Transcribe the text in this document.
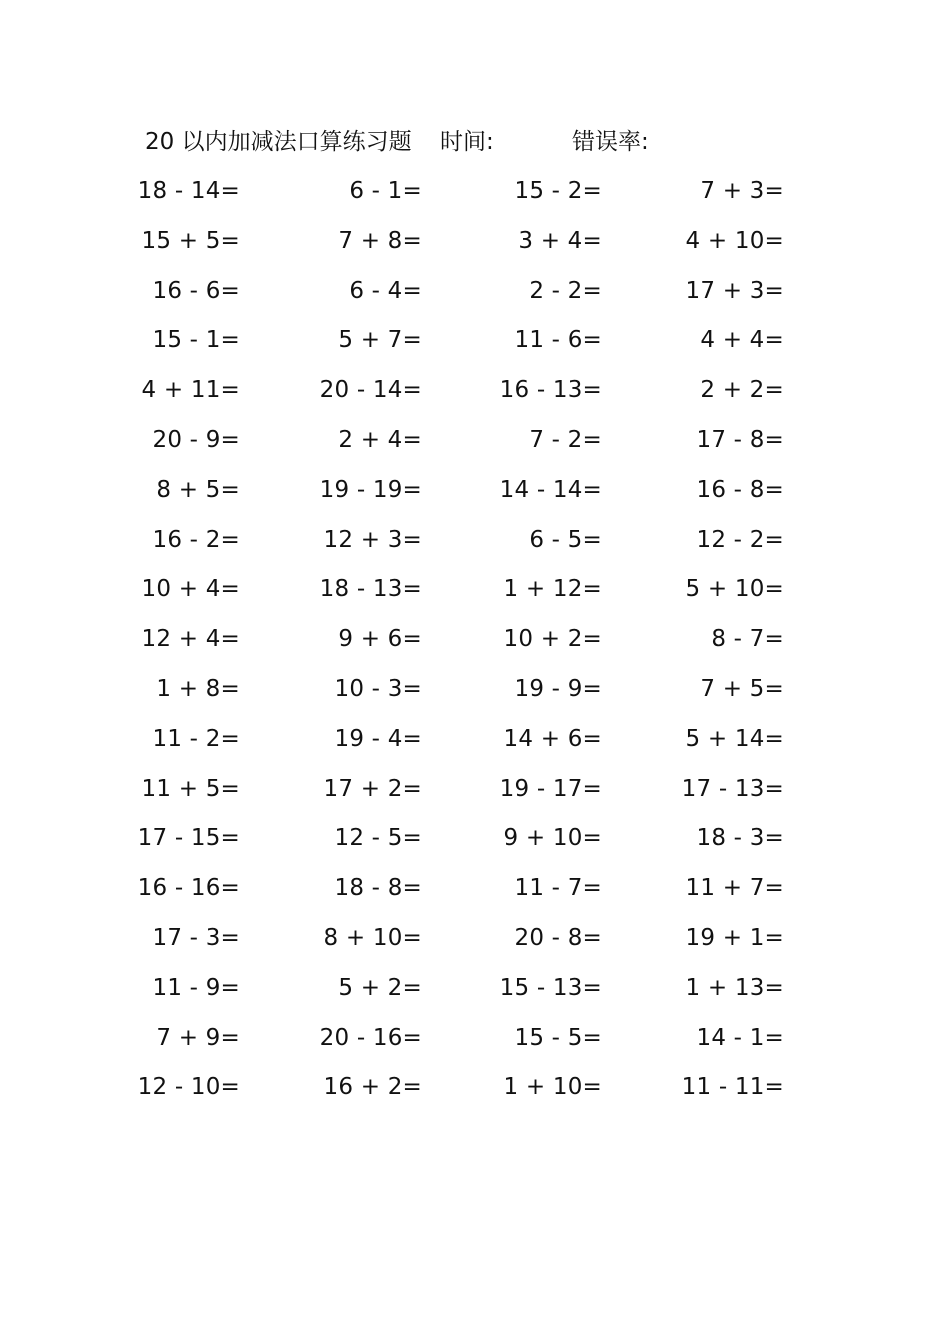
20 以内加减法口算练习题 时间:	错误率:
18 - 14=	6 - 1=	15 - 2=	7 + 3=
15 + 5=	7 + 8=	3 + 4=	4 + 10=
16 - 6=	6 - 4=	2 - 2=	17 + 3=
15 - 1=	5 + 7=	11 - 6=	4 + 4=
4 + 11=	20 - 14=	16 - 13=	2 + 2=
20 - 9=	2 + 4=	7 - 2=	17 - 8=
8 + 5=	19 - 19=	14 - 14=	16 - 8=
16 - 2=	12 + 3=	6 - 5=	12 - 2=
10 + 4=	18 - 13=	1 + 12=	5 + 10=
12 + 4=	9 + 6=	10 + 2=	8 - 7=
1 + 8=	10 - 3=	19 - 9=	7 + 5=
11 - 2=	19 - 4=	14 + 6=	5 + 14=
11 + 5=	17 + 2=	19 - 17=	17 - 13=
17 - 15=	12 - 5=	9 + 10=	18 - 3=
16 - 16=	18 - 8=	11 - 7=	11 + 7=
17 - 3=	8 + 10=	20 - 8=	19 + 1=
11 - 9=	5 + 2=	15 - 13=	1 + 13=
7 + 9=	20 - 16=	15 - 5=	14 - 1=
12 - 10=	16 + 2=	1 + 10=	11 - 11=
